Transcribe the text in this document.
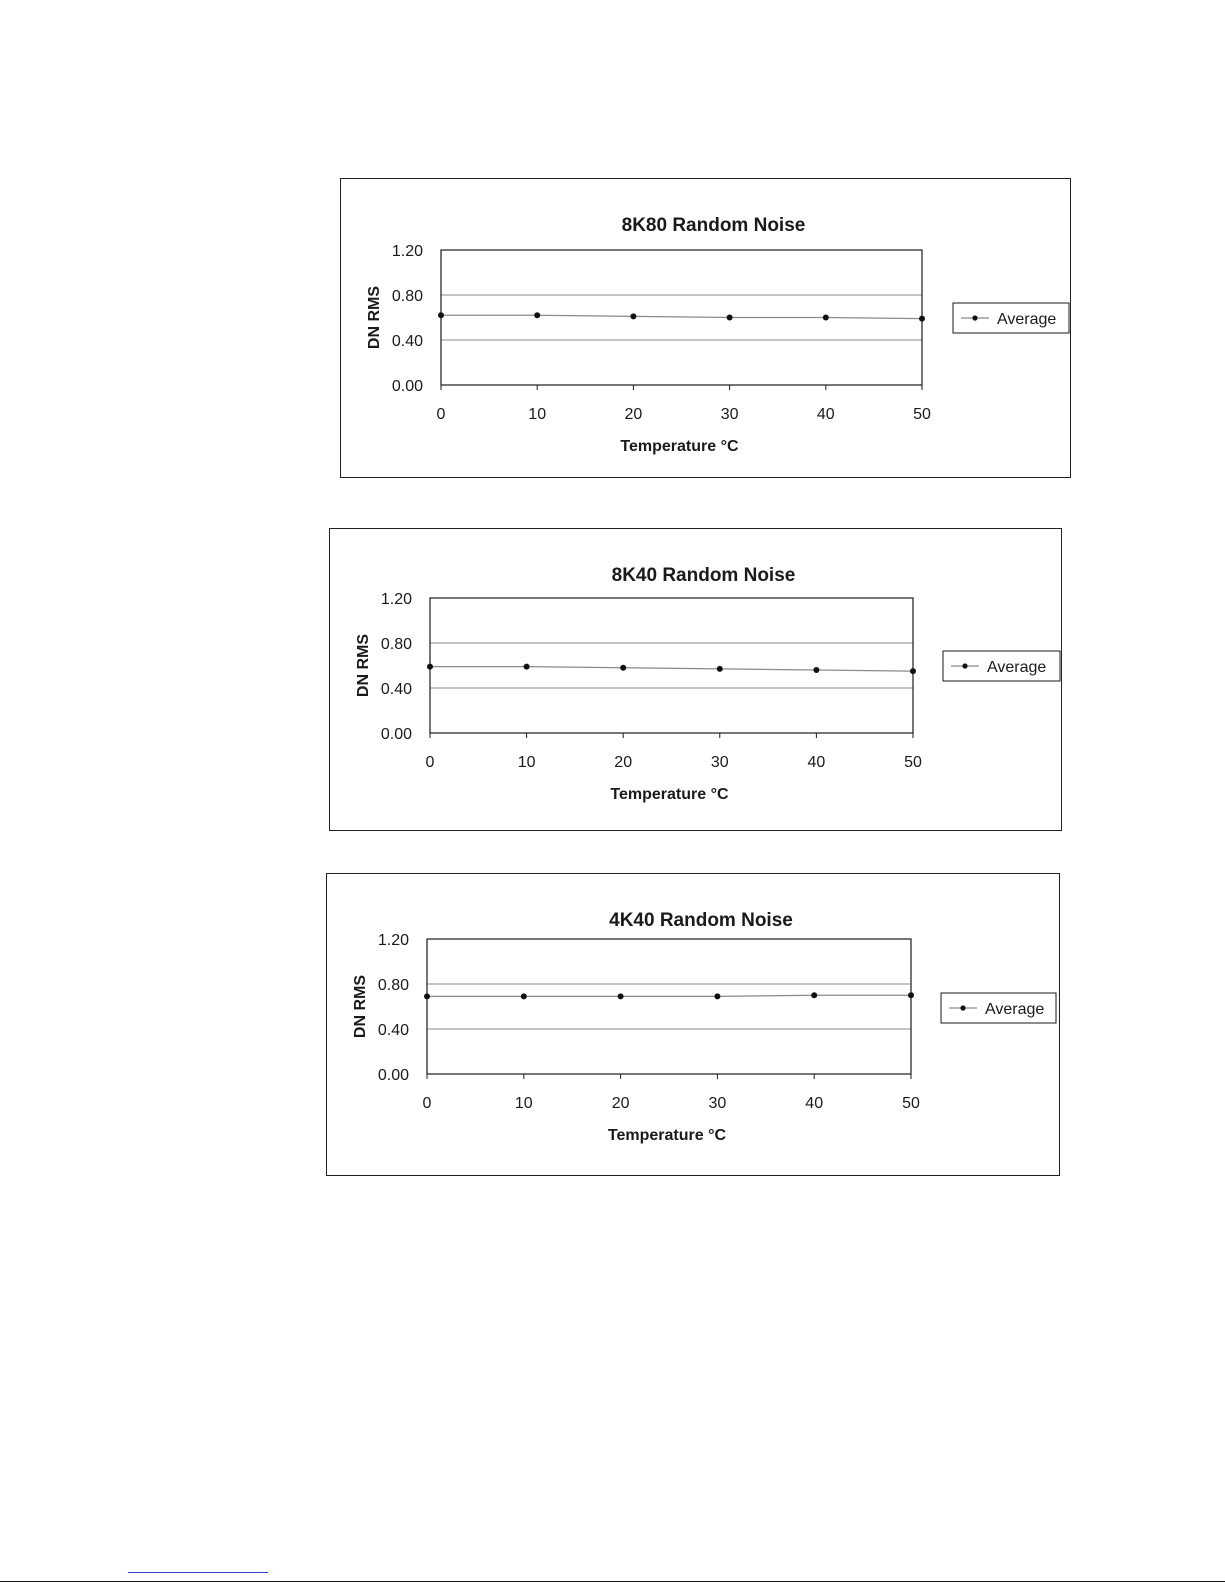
8K80 Random Noise
0.00
0.40
0.80
1.20
0	10	20	30	40	50
Temperature °C
DN RMS	Average
8K40 Random Noise
0.00
0.40
0.80
1.20
0	10	20	30	40	50
Temperature °C
DN RMS	Average
4K40 Random Noise
0.00
0.40
0.80
1.20
0	10	20	30	40	50
Temperature °C
DN RMS	Average
